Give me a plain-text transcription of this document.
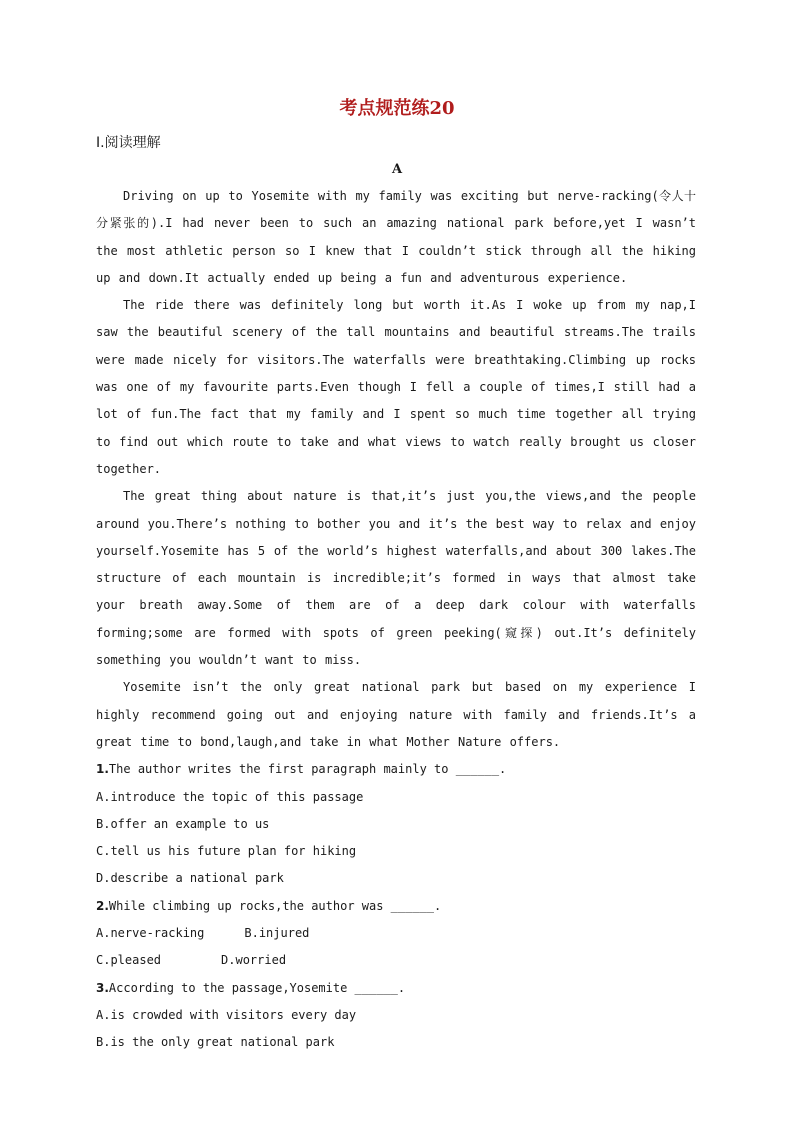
考点规范练20
Ⅰ.阅读理解
A

Driving on up to Yosemite with my family was exciting but nerve-racking(令人十分紧张的).I had never been to such an amazing national park before,yet I wasn’t the most athletic person so I knew that I couldn’t stick through all the hiking up and down.It actually ended up being a fun and adventurous experience.

The ride there was definitely long but worth it.As I woke up from my nap,I saw the beautiful scenery of the tall mountains and beautiful streams.The trails were made nicely for visitors.The waterfalls were breathtaking.Climbing up rocks was one of my favourite parts.Even though I fell a couple of times,I still had a lot of fun.The fact that my family and I spent so much time together all trying to find out which route to take and what views to watch really brought us closer together.

The great thing about nature is that,it’s just you,the views,and the people around you.There’s nothing to bother you and it’s the best way to relax and enjoy yourself.Yosemite has 5 of the world’s highest waterfalls,and about 300 lakes.The structure of each mountain is incredible;it’s formed in ways that almost take your breath away.Some of them are of a deep dark colour with waterfalls forming;some are formed with spots of green peeking(窥探) out.It’s definitely something you wouldn’t want to miss.

Yosemite isn’t the only great national park but based on my experience I highly recommend going out and enjoying nature with family and friends.It’s a great time to bond,laugh,and take in what Mother Nature offers.

1.The author writes the first paragraph mainly to ______.

A.introduce the topic of this passage

B.offer an example to us

C.tell us his future plan for hiking

D.describe a national park

2.While climbing up rocks,the author was ______.

A.nerve-racking	B.injured

C.pleased	D.worried

3.According to the passage,Yosemite ______.

A.is crowded with visitors every day

B.is the only great national park
